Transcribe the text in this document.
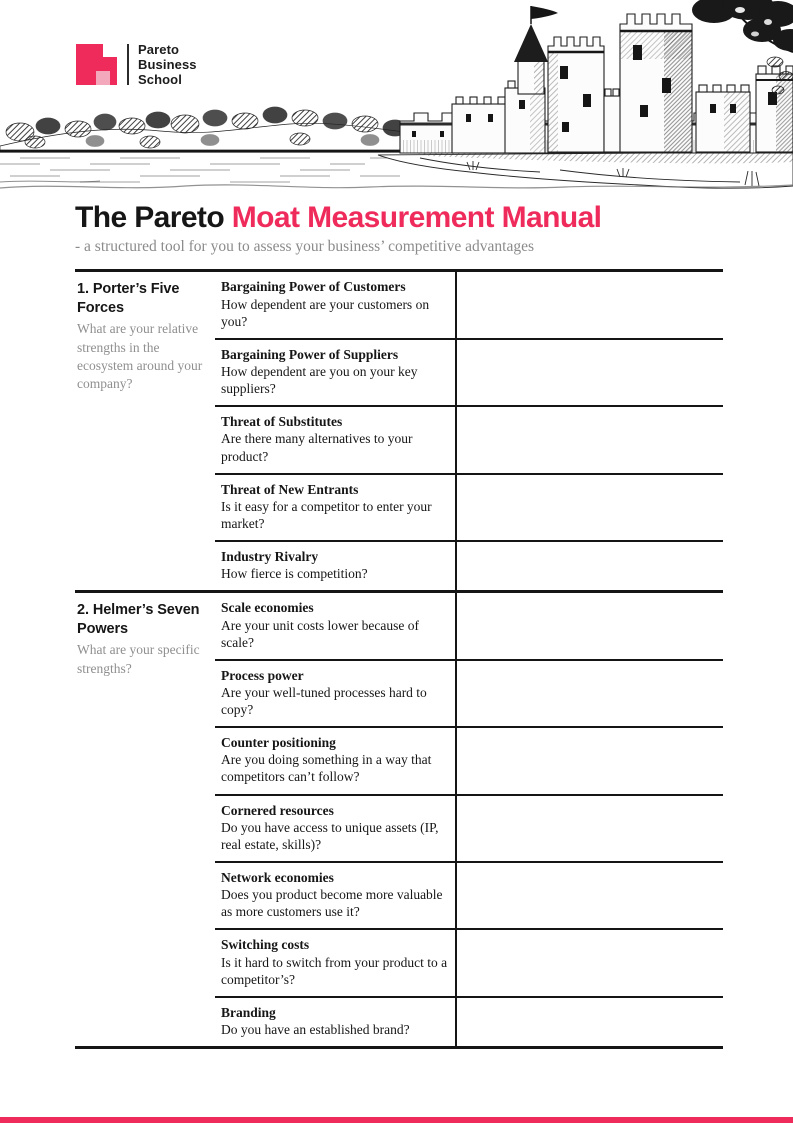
Pareto
Business
School
The Pareto Moat Measurement Manual
- a structured tool for you to assess your business’ competitive advantages
1. Porter’s Five Forces
What are your relative strengths in the ecosystem around your company?
Bargaining Power of Customers
How dependent are your customers on you?
Bargaining Power of Suppliers
How dependent are you on your key suppliers?
Threat of Substitutes
Are there many alternatives to your product?
Threat of New Entrants
Is it easy for a competitor to enter your market?
Industry Rivalry
How fierce is competition?
2. Helmer’s Seven Powers
What are your specific strengths?
Scale economies
Are your unit costs lower because of scale?
Process power
Are your well-tuned processes hard to copy?
Counter positioning
Are you doing something in a way that competitors can’t follow?
Cornered resources
Do you have access to unique assets (IP, real estate, skills)?
Network economies
Does you product become more valuable as more customers use it?
Switching costs
Is it hard to switch from your product to a competitor’s?
Branding
Do you have an established brand?
